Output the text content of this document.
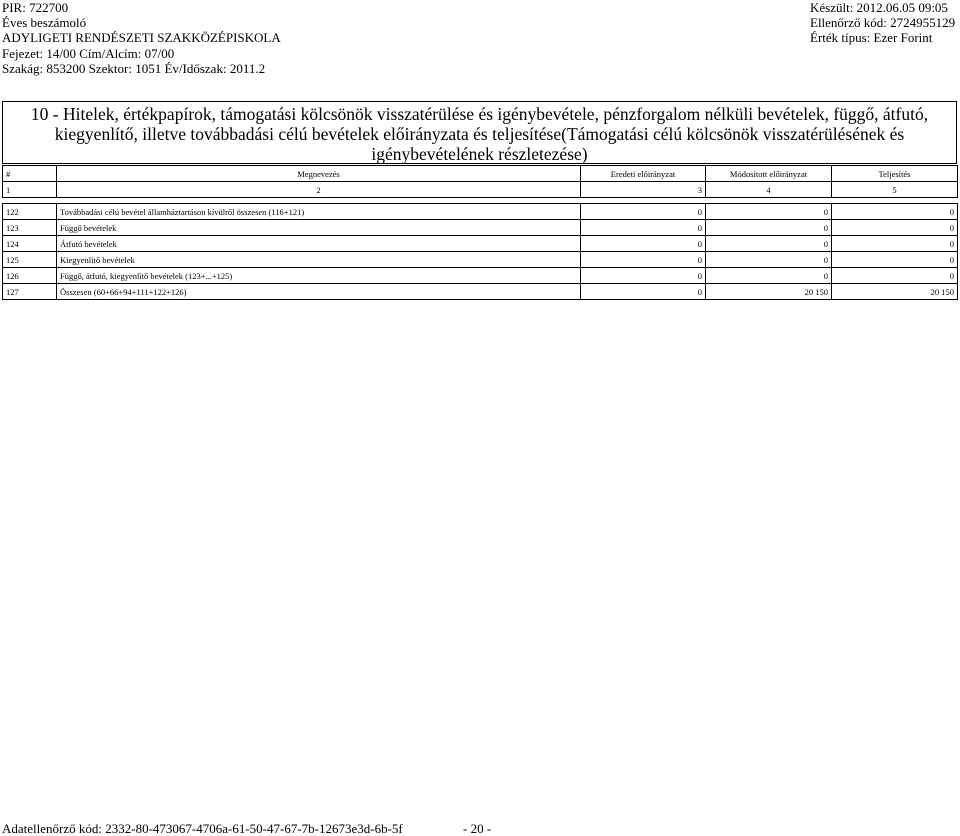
PIR: 722700
Éves beszámoló
ADYLIGETI RENDÉSZETI SZAKKÖZÉPISKOLA
Fejezet: 14/00 Cím/Alcím: 07/00
Szakág: 853200 Szektor: 1051 Év/Időszak: 2011.2
Készült: 2012.06.05 09:05
Ellenőrző kód: 2724955129
Érték típus: Ezer Forint
10 - Hitelek, értékpapírok, támogatási kölcsönök visszatérülése és igénybevétele, pénzforgalom nélküli bevételek, függő, átfutó, kiegyenlítő, illetve továbbadási célú bevételek előirányzata és teljesítése(Támogatási célú kölcsönök visszatérülésének és igénybevételének részletezése)
#	Megnevezés	Eredeti előirányzat	Módosított előirányzat	Teljesítés
1	2	3	4	5

122	Továbbadási célú bevétel államháztartáson kívülről összesen (116+121)	0	0	0
123	Függő bevételek	0	0	0
124	Átfutó bevételek	0	0	0
125	Kiegyenlítő bevételek	0	0	0
126	Függő, átfutó, kiegyenlítő bevételek (123+...+125)	0	0	0
127	Összesen (60+66+94+111+122+126)	0	20 150	20 150
Adatellenőrző kód: 2332-80-473067-4706a-61-50-47-67-7b-12673e3d-6b-5f	- 20 -
